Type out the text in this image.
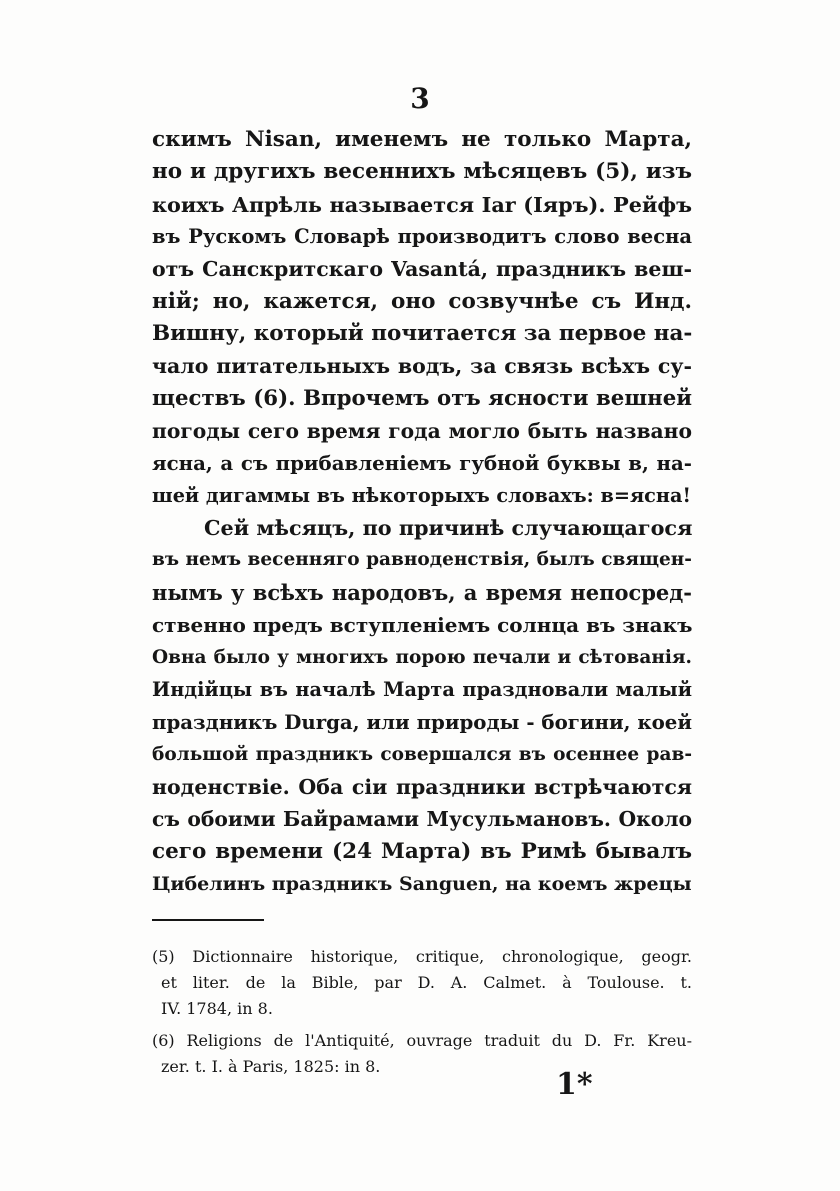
3
скимъ Nisan, именемъ не только Марта,
но и другихъ весеннихъ мѣсяцевъ (5), изъ
коихъ Апрѣль называется Iar (Іяръ). Рейфъ
въ Рускомъ Словарѣ производитъ слово весна
отъ Санскритскаго Vasantá, праздникъ веш-
ній; но, кажется, оно созвучнѣе съ Инд.
Вишну, который почитается за первое на-
чало питательныхъ водъ, за связь всѣхъ су-
ществъ (6). Впрочемъ отъ ясности вешней
погоды сего время года могло быть названо
ясна, а съ прибавленіемъ губной буквы в, на-
шей дигаммы въ нѣкоторыхъ словахъ: в=ясна!
Сей мѣсяцъ, по причинѣ случающагося
въ немъ весенняго равноденствія, былъ священ-
нымъ у всѣхъ народовъ, а время непосред-
ственно предъ вступленіемъ солнца въ знакъ
Овна было у многихъ порою печали и сѣтованія.
Индійцы въ началѣ Марта праздновали малый
праздникъ Durga, или природы - богини, коей
большой праздникъ совершался въ осеннее рав-
ноденствіе. Оба сіи праздники встрѣчаются
съ обоими Байрамами Мусульмановъ. Около
сего времени (24 Марта) въ Римѣ бывалъ
Цибелинъ праздникъ Sanguen, на коемъ жрецы
(5) Dictionnaire historique, critique, chronologique, geogr.
et liter. de la Bible, par D. A. Calmet. à Toulouse. t.
IV. 1784, in 8.
(6) Religions de l'Antiquité, ouvrage traduit du D. Fr. Kreu-
zer. t. I. à Paris, 1825: in 8.
1*
